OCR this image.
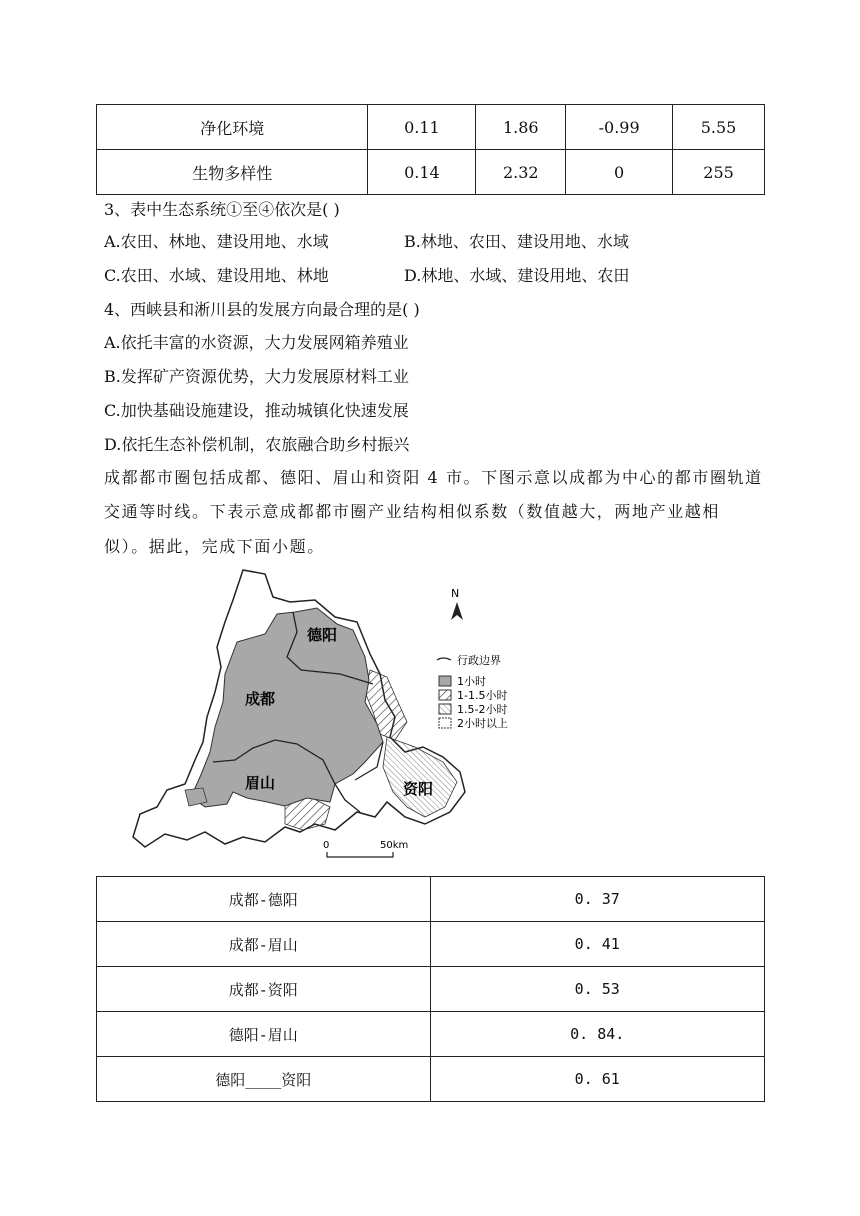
净化环境	0.11	1.86	-0.99	5.55
生物多样性	0.14	2.32	0	255
3、表中生态系统①至④依次是( )
A.农田、林地、建设用地、水域	B.林地、农田、建设用地、水域
C.农田、水域、建设用地、林地	D.林地、水域、建设用地、农田
4、西峡县和淅川县的发展方向最合理的是( )
A.依托丰富的水资源，大力发展网箱养殖业
B.发挥矿产资源优势，大力发展原材料工业
C.加快基础设施建设，推动城镇化快速发展
D.依托生态补偿机制，农旅融合助乡村振兴
成都都市圈包括成都、德阳、眉山和资阳 4 市。下图示意以成都为中心的都市圈轨道
交通等时线。下表示意成都都市圈产业结构相似系数（数值越大，两地产业越相
似）。据此，完成下面小题。
德阳
成都
眉山	资阳
N
行政边界
1小时
1-1.5小时
1.5-2小时
2小时以上
0	50km
成都-德阳	0. 37
成都-眉山	0. 41
成都-资阳	0. 53
德阳-眉山	0. 84.
德阳____资阳	0. 61
